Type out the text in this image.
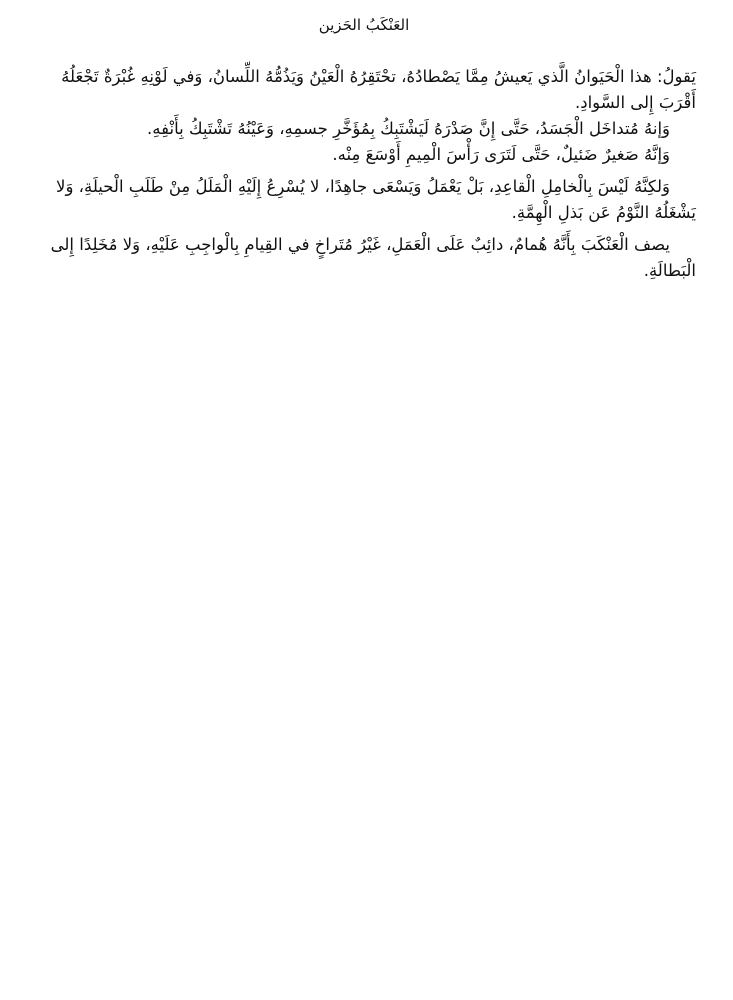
العَنْكَبُ الحَزين

يَقولُ: هذا الْحَيَوانُ الَّذي يَعيشُ مِمَّا يَصْطادُهُ، تحْتَقِرُهُ الْعَيْنُ وَيَذُمُّهُ اللِّسانُ، وَفي لَوْنِهِ غُبْرَةٌ تَجْعَلُهُ أَقْرَبَ إِلى السَّوادِ.

وَإنهُ مُتداخَل الْجَسَدُ، حَتَّى إِنَّ صَدْرَهُ لَيَشْتَبِكُ بِمُؤَخَّرِ جسمِهِ، وَعَيْنُهُ تَشْتَبِكُ بِأَنْفِهِ.

وَإنَّهُ صَغيرٌ ضَئيلٌ، حَتَّى لَتَرَى رَأْسَ الْمِيمِ أَوْسَعَ مِنْه.

وَلكِنَّهُ لَيْسَ بِالْخامِلِ الْقاعِدِ، بَلْ يَعْمَلُ وَيَسْعَى جاهِدًا، لا يُسْرِعُ إِلَيْهِ الْمَلَلُ مِنْ طَلَبِ الْحيلَةِ، وَلا يَشْغَلُهُ النَّوْمُ عَن بَذلِ الْهِمَّةِ.

يصف الْعَنْكَبَ بِأَنَّهُ هُمامٌ، دائِبٌ عَلَى الْعَمَلِ، غَيْرُ مُتَراخٍ في القِيامِ بِالْواجِبِ عَلَيْهِ، وَلا مُخَلِدًا إِلى الْبَطالَةِ.
